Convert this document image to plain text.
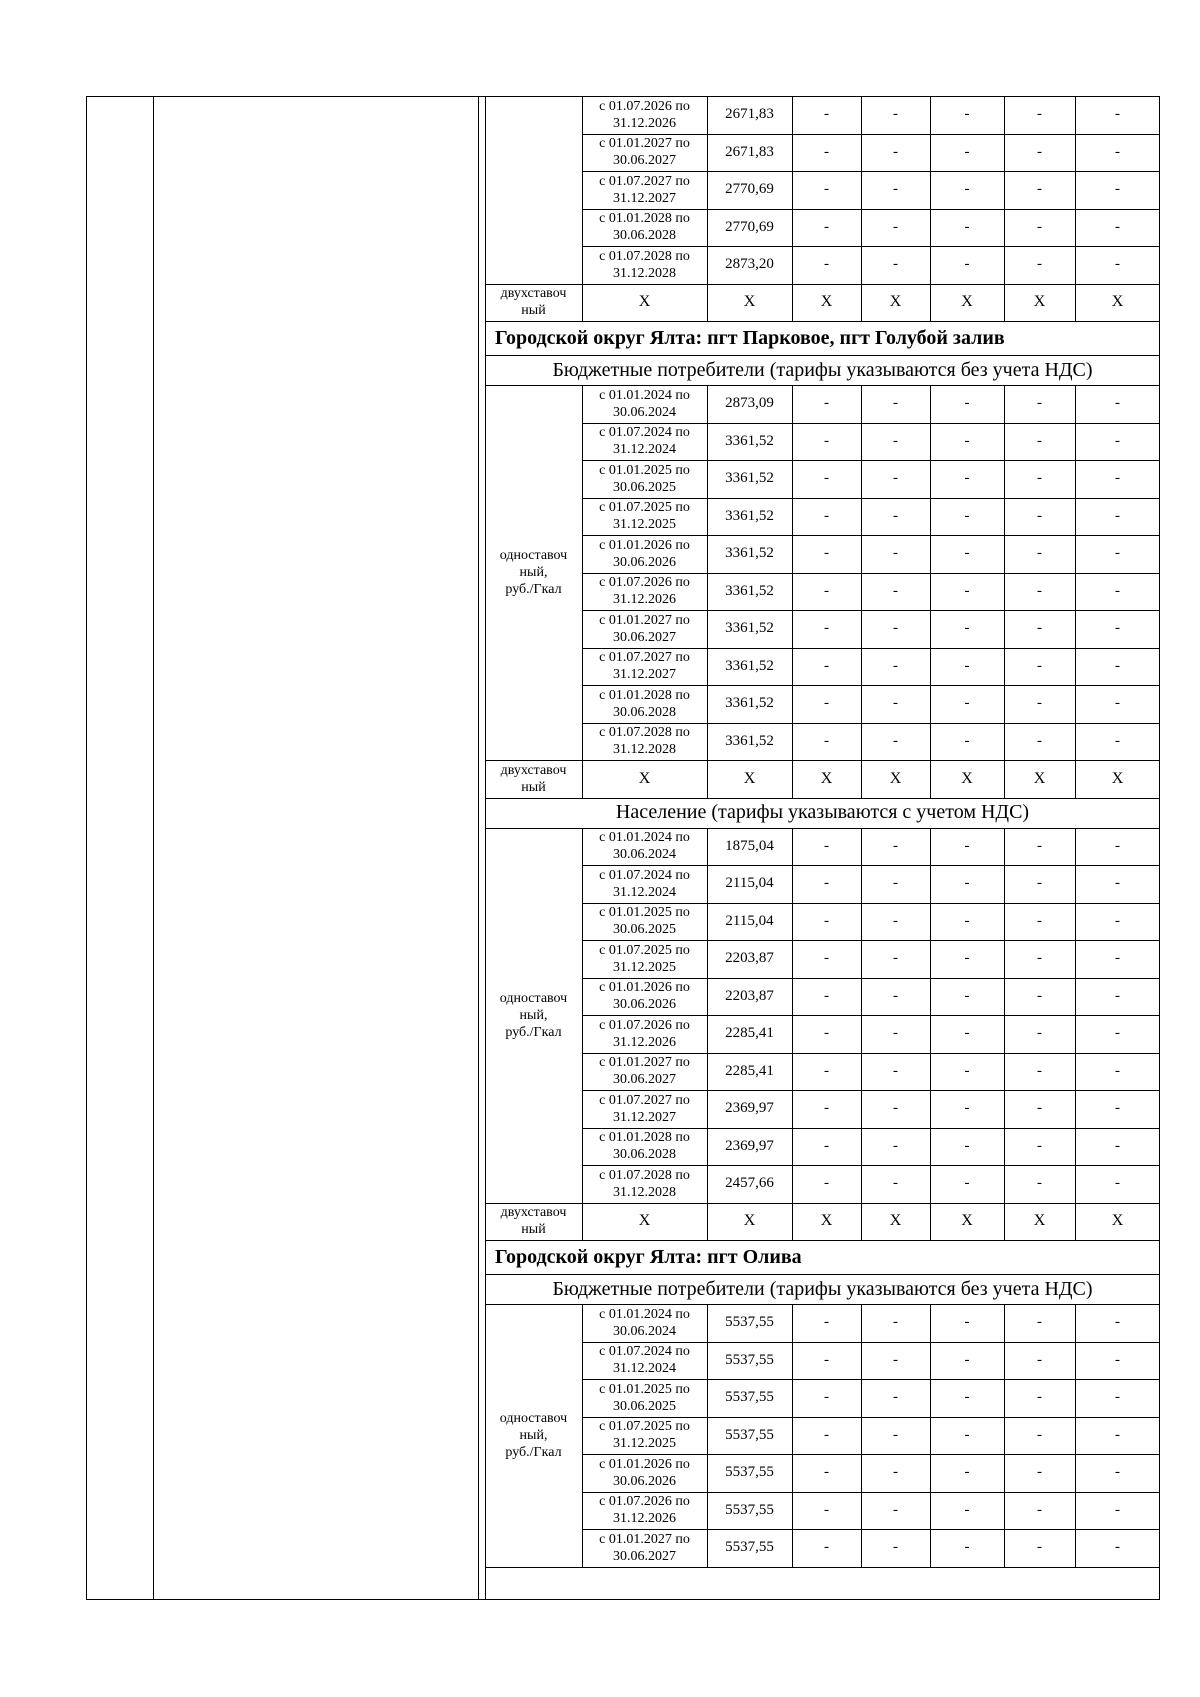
с 01.07.2026 по
31.12.2026
2671,83	-	-	-	-	-
с 01.01.2027 по
30.06.2027
2671,83	-	-	-	-	-
с 01.07.2027 по
31.12.2027
2770,69	-	-	-	-	-
с 01.01.2028 по
30.06.2028
2770,69	-	-	-	-	-
с 01.07.2028 по
31.12.2028
2873,20	-	-	-	-	-
двухставоч
ный
X	X	X	X	X	X	X
Городской округ Ялта: пгт Парковое, пгт Голубой залив
Бюджетные потребители (тарифы указываются без учета НДС)
с 01.01.2024 по
30.06.2024
2873,09	-	-	-	-	-
с 01.07.2024 по
31.12.2024
3361,52	-	-	-	-	-
с 01.01.2025 по
30.06.2025
3361,52	-	-	-	-	-
с 01.07.2025 по
31.12.2025
3361,52	-	-	-	-	-
с 01.01.2026 по
30.06.2026
3361,52	-	-	-	-	-
с 01.07.2026 по
31.12.2026
3361,52	-	-	-	-	-
с 01.01.2027 по
30.06.2027
3361,52	-	-	-	-	-
с 01.07.2027 по
31.12.2027
3361,52	-	-	-	-	-
с 01.01.2028 по
30.06.2028
3361,52	-	-	-	-	-
с 01.07.2028 по
31.12.2028
3361,52	-	-	-	-	-
одноставоч
ный,
руб./Гкал
двухставоч
ный
X	X	X	X	X	X	X
Население (тарифы указываются с учетом НДС)
с 01.01.2024 по
30.06.2024
1875,04	-	-	-	-	-
с 01.07.2024 по
31.12.2024
2115,04	-	-	-	-	-
с 01.01.2025 по
30.06.2025
2115,04	-	-	-	-	-
с 01.07.2025 по
31.12.2025
2203,87	-	-	-	-	-
с 01.01.2026 по
30.06.2026
2203,87	-	-	-	-	-
с 01.07.2026 по
31.12.2026
2285,41	-	-	-	-	-
с 01.01.2027 по
30.06.2027
2285,41	-	-	-	-	-
с 01.07.2027 по
31.12.2027
2369,97	-	-	-	-	-
с 01.01.2028 по
30.06.2028
2369,97	-	-	-	-	-
с 01.07.2028 по
31.12.2028
2457,66	-	-	-	-	-
одноставоч
ный,
руб./Гкал
двухставоч
ный
X	X	X	X	X	X	X
Городской округ Ялта: пгт Олива
Бюджетные потребители (тарифы указываются без учета НДС)
с 01.01.2024 по
30.06.2024
5537,55	-	-	-	-	-
с 01.07.2024 по
31.12.2024
5537,55	-	-	-	-	-
с 01.01.2025 по
30.06.2025
5537,55	-	-	-	-	-
с 01.07.2025 по
31.12.2025
5537,55	-	-	-	-	-
с 01.01.2026 по
30.06.2026
5537,55	-	-	-	-	-
с 01.07.2026 по
31.12.2026
5537,55	-	-	-	-	-
с 01.01.2027 по
30.06.2027
5537,55	-	-	-	-	-
одноставоч
ный,
руб./Гкал
